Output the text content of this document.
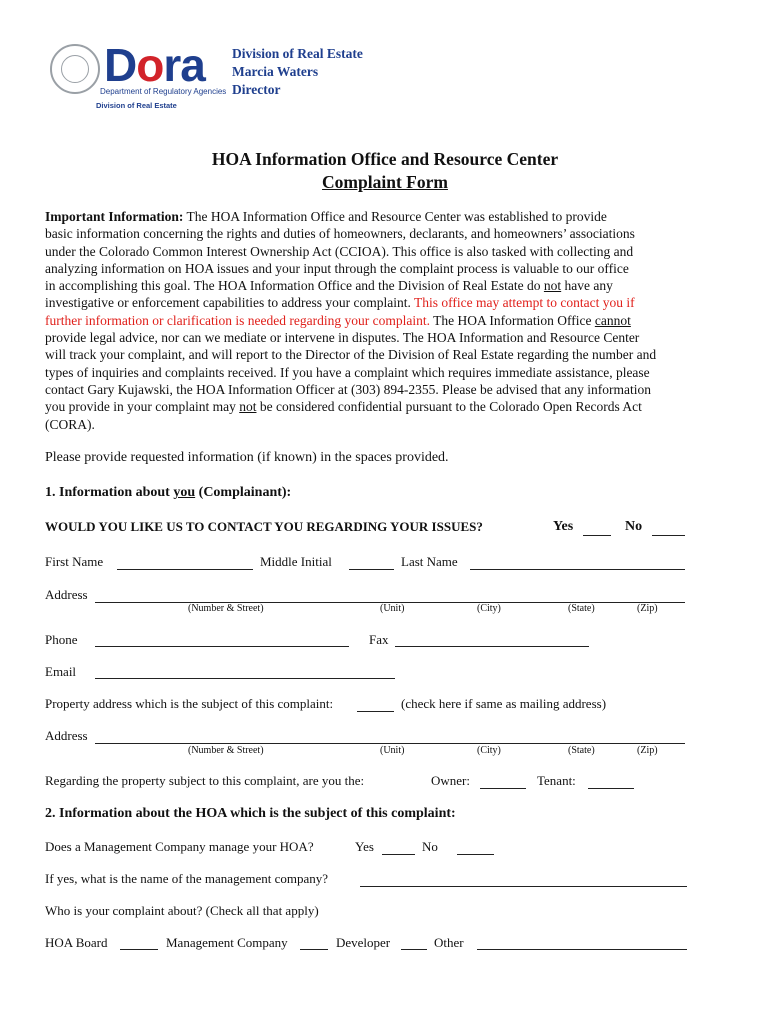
Dora
Department of Regulatory Agencies
Division of Real Estate
Division of Real Estate
Marcia Waters
Director
HOA Information Office and Resource Center
Complaint Form
Important Information: The HOA Information Office and Resource Center was established to provide
basic information concerning the rights and duties of homeowners, declarants, and homeowners’ associations
under the Colorado Common Interest Ownership Act (CCIOA). This office is also tasked with collecting and
analyzing information on HOA issues and your input through the complaint process is valuable to our office
in accomplishing this goal. The HOA Information Office and the Division of Real Estate do not have any
investigative or enforcement capabilities to address your complaint. This office may attempt to contact you if
further information or clarification is needed regarding your complaint. The HOA Information Office cannot
provide legal advice, nor can we mediate or intervene in disputes. The HOA Information and Resource Center
will track your complaint, and will report to the Director of the Division of Real Estate regarding the number and
types of inquiries and complaints received. If you have a complaint which requires immediate assistance, please
contact Gary Kujawski, the HOA Information Officer at (303) 894-2355. Please be advised that any information
you provide in your complaint may not be considered confidential pursuant to the Colorado Open Records Act
(CORA).
Please provide requested information (if known) in the spaces provided.
1. Information about you (Complainant):
WOULD YOU LIKE US TO CONTACT YOU REGARDING YOUR ISSUES?	Yes	No
First Name	Middle Initial	Last Name
Address
(Number & Street)	(Unit)	(City)	(State)	(Zip)
Phone	Fax
Email
Property address which is the subject of this complaint:	(check here if same as mailing address)
Address
(Number & Street)	(Unit)	(City)	(State)	(Zip)
Regarding the property subject to this complaint, are you the:	Owner:	Tenant:
2. Information about the HOA which is the subject of this complaint:
Does a Management Company manage your HOA?	Yes	No
If yes, what is the name of the management company?
Who is your complaint about? (Check all that apply)
HOA Board	Management Company	Developer	Other
